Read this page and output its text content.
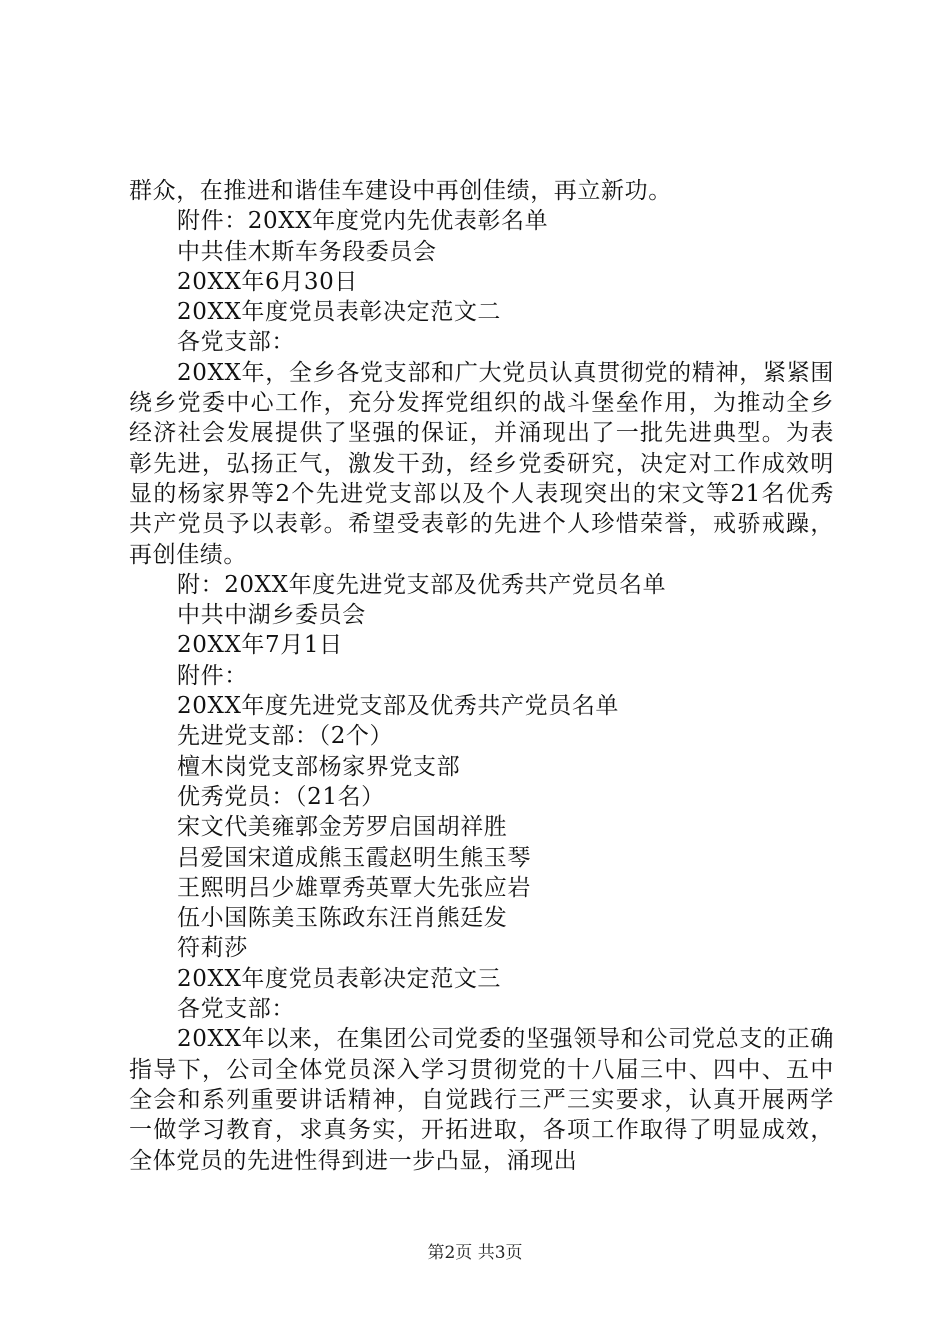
群众，在推进和谐佳车建设中再创佳绩，再立新功。

附件：20XX年度党内先优表彰名单

中共佳木斯车务段委员会

20XX年6月30日

20XX年度党员表彰决定范文二

各党支部：

20XX年，全乡各党支部和广大党员认真贯彻党的精神，紧紧围绕乡党委中心工作，充分发挥党组织的战斗堡垒作用，为推动全乡经济社会发展提供了坚强的保证，并涌现出了一批先进典型。为表彰先进，弘扬正气，激发干劲，经乡党委研究，决定对工作成效明显的杨家界等2个先进党支部以及个人表现突出的宋文等21名优秀共产党员予以表彰。希望受表彰的先进个人珍惜荣誉，戒骄戒躁，再创佳绩。

附：20XX年度先进党支部及优秀共产党员名单

中共中湖乡委员会

20XX年7月1日

附件：

20XX年度先进党支部及优秀共产党员名单

先进党支部：（2个）

檀木岗党支部杨家界党支部

优秀党员：（21名）

宋文代美雍郭金芳罗启国胡祥胜

吕爱国宋道成熊玉霞赵明生熊玉琴

王熙明吕少雄覃秀英覃大先张应岩

伍小国陈美玉陈政东汪肖熊廷发

符莉莎

20XX年度党员表彰决定范文三

各党支部：

20XX年以来，在集团公司党委的坚强领导和公司党总支的正确指导下，公司全体党员深入学习贯彻党的十八届三中、四中、五中全会和系列重要讲话精神，自觉践行三严三实要求，认真开展两学一做学习教育，求真务实，开拓进取，各项工作取得了明显成效，全体党员的先进性得到进一步凸显，涌现出

第2页 共3页
